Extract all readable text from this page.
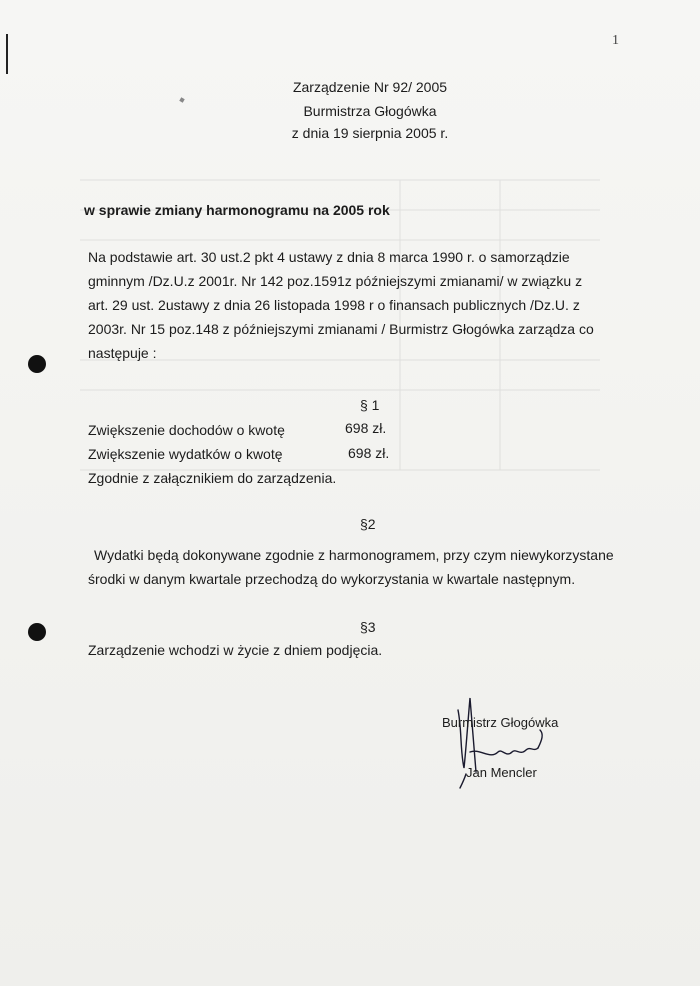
1
Zarządzenie Nr 92/ 2005
Burmistrza Głogówka
z dnia 19 sierpnia 2005 r.
w sprawie zmiany harmonogramu na 2005 rok
Na podstawie art. 30 ust.2 pkt 4 ustawy z dnia 8 marca 1990 r. o samorządzie gminnym /Dz.U.z 2001r. Nr 142 poz.1591z późniejszymi zmianami/ w związku z art. 29 ust. 2ustawy z dnia 26 listopada 1998 r o finansach publicznych /Dz.U. z 2003r. Nr 15 poz.148 z późniejszymi zmianami / Burmistrz Głogówka zarządza co następuje :
§ 1
Zwiększenie dochodów o kwotę	698 zł.
Zwiększenie wydatków o kwotę	698 zł.
Zgodnie z załącznikiem do zarządzenia.
§2
Wydatki będą dokonywane zgodnie z harmonogramem, przy czym niewykorzystane środki w danym kwartale przechodzą do wykorzystania w kwartale następnym.
§3
Zarządzenie wchodzi w życie z dniem podjęcia.
Burmistrz Głogówka
Jan Mencler
